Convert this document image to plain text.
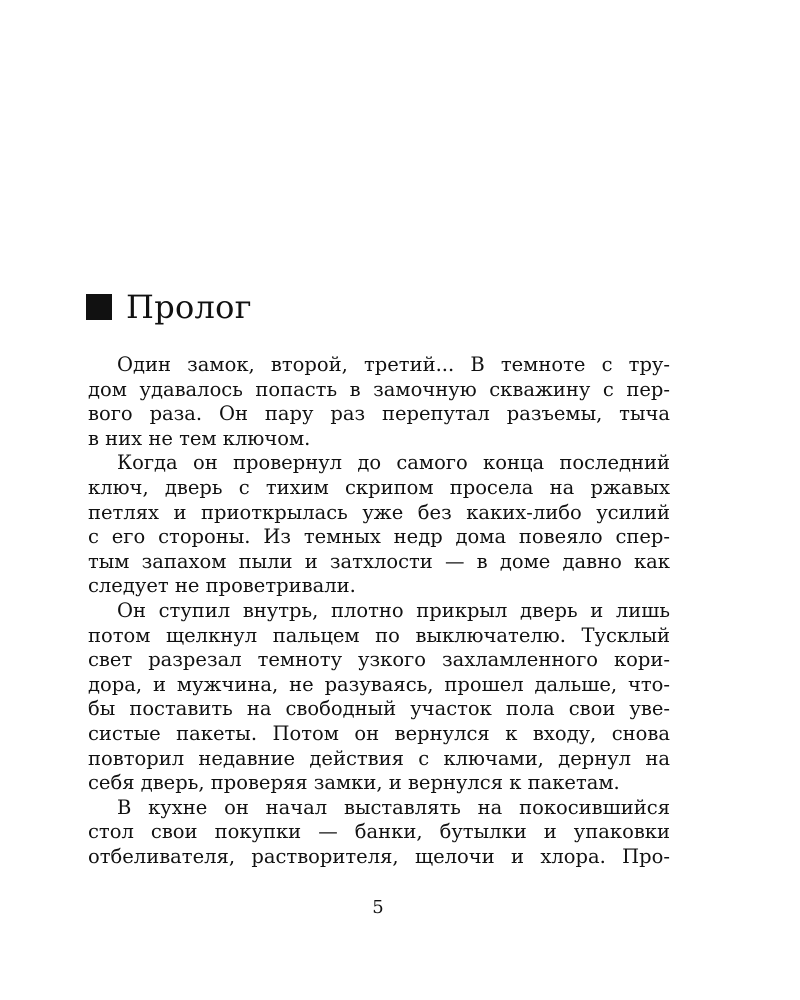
Пролог
Один замок, второй, третий... В темноте с тру-
дом удавалось попасть в замочную скважину с пер-
вого раза. Он пару раз перепутал разъемы, тыча
в них не тем ключом.
Когда он провернул до самого конца последний
ключ, дверь с тихим скрипом просела на ржавых
петлях и приоткрылась уже без каких-либо усилий
с его стороны. Из темных недр дома повеяло спер-
тым запахом пыли и затхлости — в доме давно как
следует не проветривали.
Он ступил внутрь, плотно прикрыл дверь и лишь
потом щелкнул пальцем по выключателю. Тусклый
свет разрезал темноту узкого захламленного кори-
дора, и мужчина, не разуваясь, прошел дальше, что-
бы поставить на свободный участок пола свои уве-
систые пакеты. Потом он вернулся к входу, снова
повторил недавние действия с ключами, дернул на
себя дверь, проверяя замки, и вернулся к пакетам.
В кухне он начал выставлять на покосившийся
стол свои покупки — банки, бутылки и упаковки
отбеливателя, растворителя, щелочи и хлора. Про-
5
